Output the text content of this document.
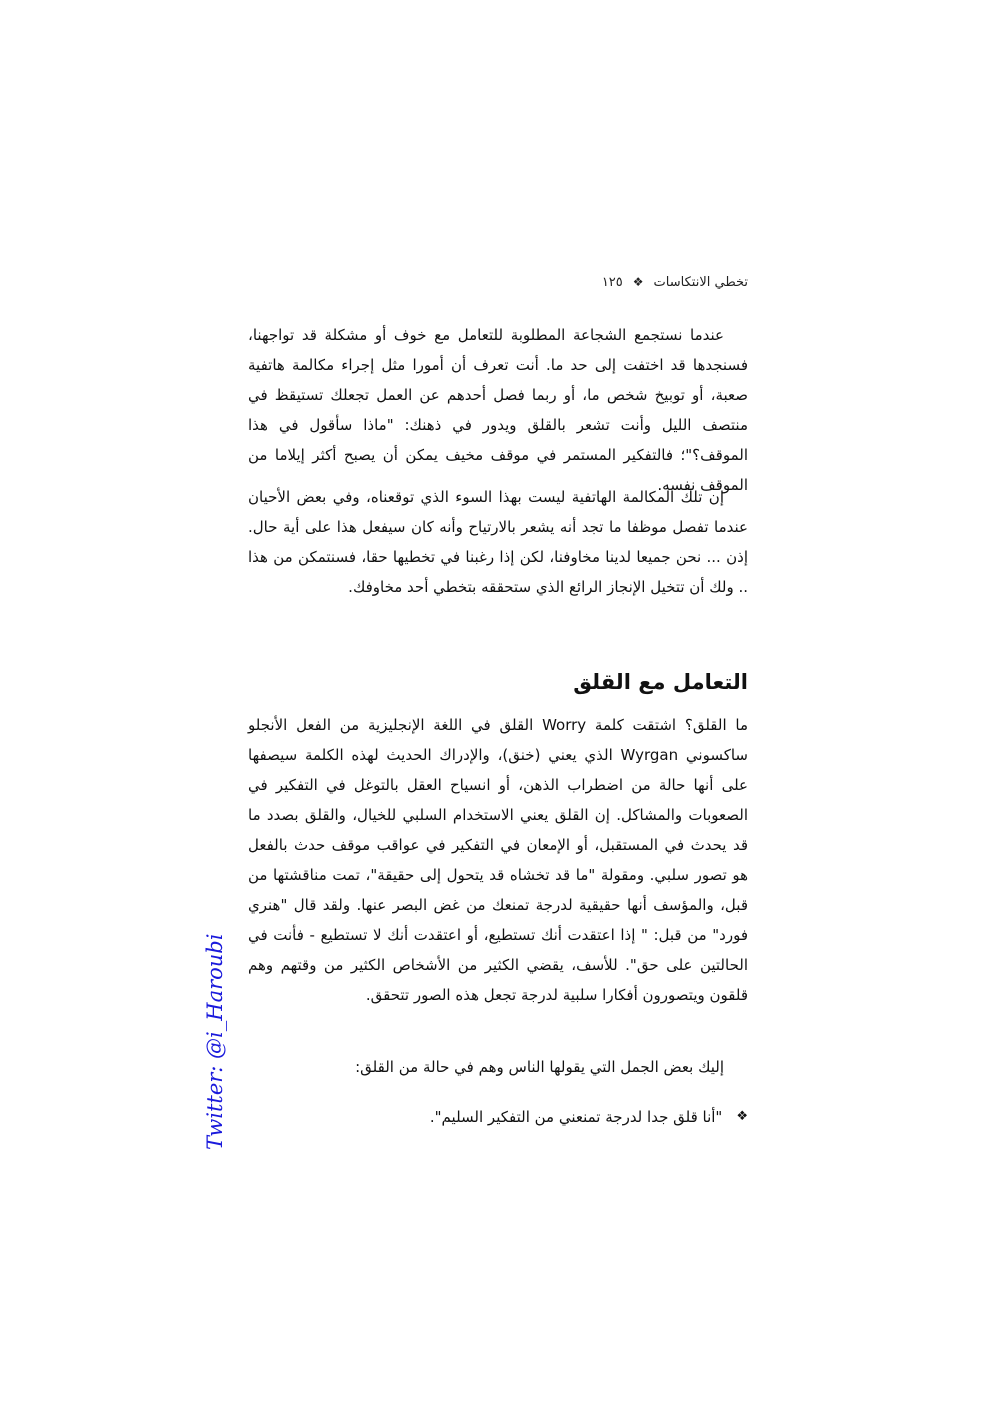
تخطي الانتكاسات
❖
١٢٥

عندما نستجمع الشجاعة المطلوبة للتعامل مع خوف أو مشكلة قد تواجهنا، فسنجدها قد اختفت إلى حد ما. أنت تعرف أن أمورا مثل إجراء مكالمة هاتفية صعبة، أو توبيخ شخص ما، أو ربما فصل أحدهم عن العمل تجعلك تستيقظ في منتصف الليل وأنت تشعر بالقلق ويدور في ذهنك: "ماذا سأقول في هذا الموقف؟"؛ فالتفكير المستمر في موقف مخيف يمكن أن يصبح أكثر إيلاما من الموقف نفسه.

إن تلك المكالمة الهاتفية ليست بهذا السوء الذي توقعناه، وفي بعض الأحيان عندما تفصل موظفا ما تجد أنه يشعر بالارتياح وأنه كان سيفعل هذا على أية حال. إذن ... نحن جميعا لدينا مخاوفنا، لكن إذا رغبنا في تخطيها حقا، فسنتمكن من هذا .. ولك أن تتخيل الإنجاز الرائع الذي ستحققه بتخطي أحد مخاوفك.

التعامل مع القلق

ما القلق؟ اشتقت كلمة Worry القلق في اللغة الإنجليزية من الفعل الأنجلو ساكسوني Wyrgan الذي يعني (خنق)، والإدراك الحديث لهذه الكلمة سيصفها على أنها حالة من اضطراب الذهن، أو انسياح العقل بالتوغل في التفكير في الصعوبات والمشاكل. إن القلق يعني الاستخدام السلبي للخيال، والقلق بصدد ما قد يحدث في المستقبل، أو الإمعان في التفكير في عواقب موقف حدث بالفعل هو تصور سلبي. ومقولة "ما قد تخشاه قد يتحول إلى حقيقة"، تمت مناقشتها من قبل، والمؤسف أنها حقيقية لدرجة تمنعك من غض البصر عنها. ولقد قال "هنري فورد" من قبل: " إذا اعتقدت أنك تستطيع، أو اعتقدت أنك لا تستطيع - فأنت في الحالتين على حق". للأسف، يقضي الكثير من الأشخاص الكثير من وقتهم وهم قلقون ويتصورون أفكارا سلبية لدرجة تجعل هذه الصور تتحقق.

إليك بعض الجمل التي يقولها الناس وهم في حالة من القلق:

❖
"أنا قلق جدا لدرجة تمنعني من التفكير السليم".
Twitter: @i_Haroubi
